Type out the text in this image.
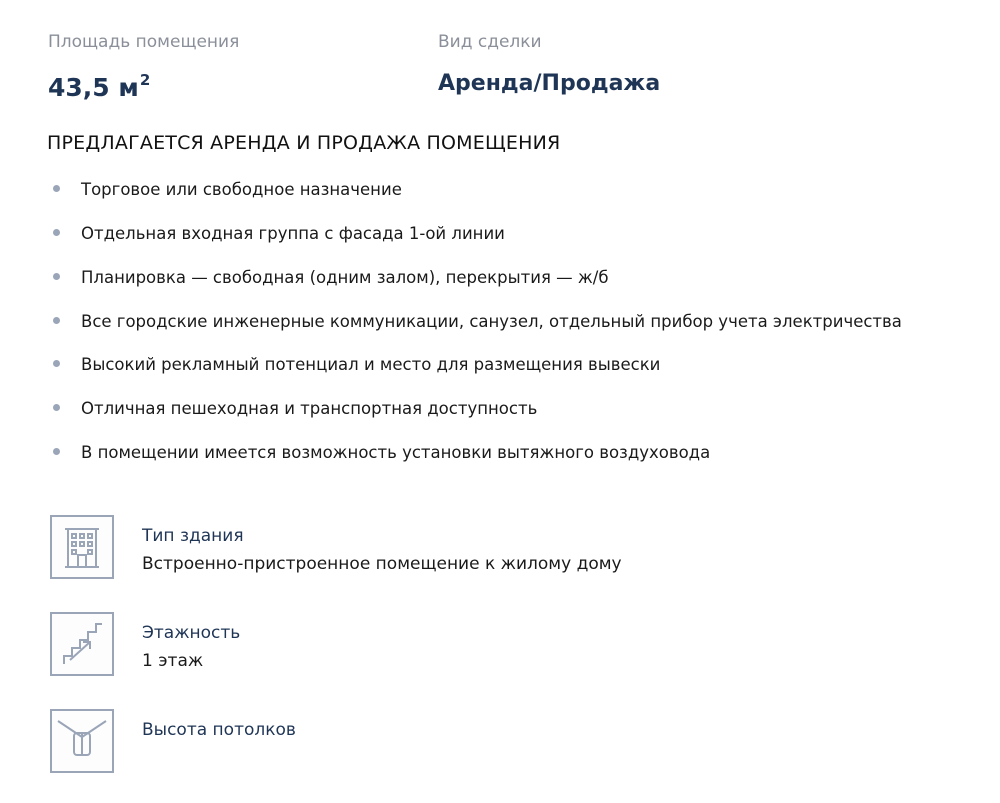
Площадь помещения
43,5 $м^2$
Вид сделки
Аренда/Продажа
ПРЕДЛАГАЕТСЯ АРЕНДА И ПРОДАЖА ПОМЕЩЕНИЯ
Торговое или свободное назначение
Отдельная входная группа с фасада 1-ой линии
Планировка — свободная (одним залом), перекрытия — ж/б
Все городские инженерные коммуникации, санузел, отдельный прибор учета электричества
Высокий рекламный потенциал и место для размещения вывески
Отличная пешеходная и транспортная доступность
В помещении имеется возможность установки вытяжного воздуховода
Тип здания
Встроенно-пристроенное помещение к жилому дому
Этажность
1 этаж
Высота потолков
